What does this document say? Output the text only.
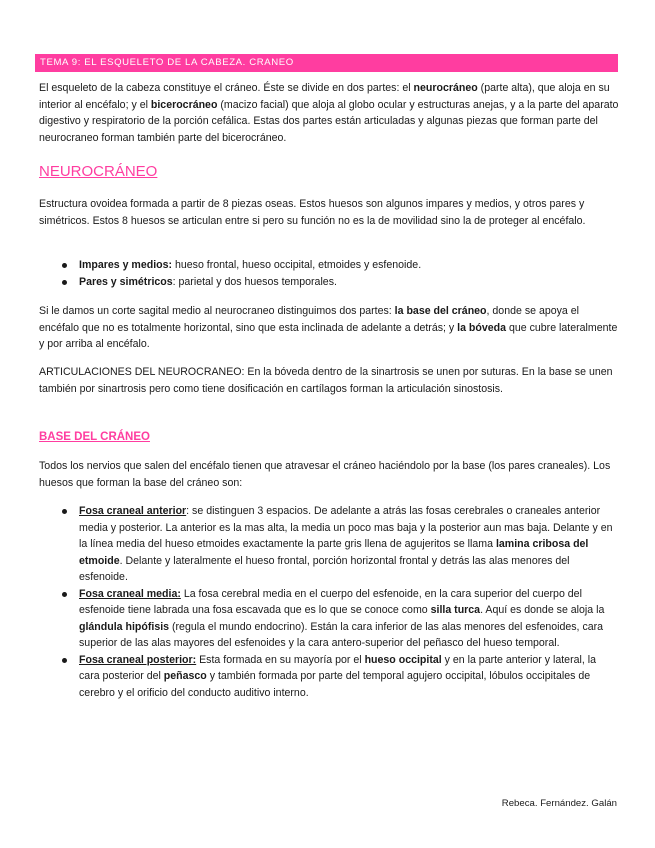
TEMA 9: EL ESQUELETO DE LA CABEZA. CRANEO

El esqueleto de la cabeza constituye el cráneo. Éste se divide en dos partes: el neurocráneo (parte alta), que aloja en su interior al encéfalo; y el bicerocráneo (macizo facial) que aloja al globo ocular y estructuras anejas, y a la parte del aparato digestivo y respiratorio de la porción cefálica. Estas dos partes están articuladas y algunas piezas que forman parte del neurocraneo forman también parte del bicerocráneo.

NEUROCRÁNEO

Estructura ovoidea formada a partir de 8 piezas oseas. Estos huesos son algunos impares y medios, y otros pares y simétricos. Estos 8 huesos se articulan entre si pero su función no es la de movilidad sino la de proteger al encéfalo.

Impares y medios: hueso frontal, hueso occipital, etmoides y esfenoide.
Pares y simétricos: parietal y dos huesos temporales.

Si le damos un corte sagital medio al neurocraneo distinguimos dos partes: la base del cráneo, donde se apoya el encéfalo que no es totalmente horizontal, sino que esta inclinada de adelante a detrás; y la bóveda que cubre lateralmente y por arriba al encéfalo.

ARTICULACIONES DEL NEUROCRANEO: En la bóveda dentro de la sinartrosis se unen por suturas. En la base se unen también por sinartrosis pero como tiene dosificación en cartílagos forman la articulación sinostosis.

BASE DEL CRÁNEO

Todos los nervios que salen del encéfalo tienen que atravesar el cráneo haciéndolo por la base (los pares craneales). Los huesos que forman la base del cráneo son:

Fosa craneal anterior: se distinguen 3 espacios. De adelante a atrás las fosas cerebrales o craneales anterior media y posterior. La anterior es la mas alta, la media un poco mas baja y la posterior aun mas baja. Delante y en la línea media del hueso etmoides exactamente la parte gris llena de agujeritos se llama lamina cribosa del etmoide. Delante y lateralmente el hueso frontal, porción horizontal frontal y detrás las alas menores del esfenoide.
Fosa craneal media: La fosa cerebral media en el cuerpo del esfenoide, en la cara superior del cuerpo del esfenoide tiene labrada una fosa escavada que es lo que se conoce como silla turca. Aquí es donde se aloja la glándula hipófisis (regula el mundo endocrino). Están la cara inferior de las alas menores del esfenoides, cara superior de las alas mayores del esfenoides y la cara antero-superior del peñasco del hueso temporal.
Fosa craneal posterior: Esta formada en su mayoría por el hueso occipital y en la parte anterior y lateral, la cara posterior del peñasco y también formada por parte del temporal agujero occipital, lóbulos occipitales de cerebro y el orificio del conducto auditivo interno.
Rebeca. Fernández. Galán
